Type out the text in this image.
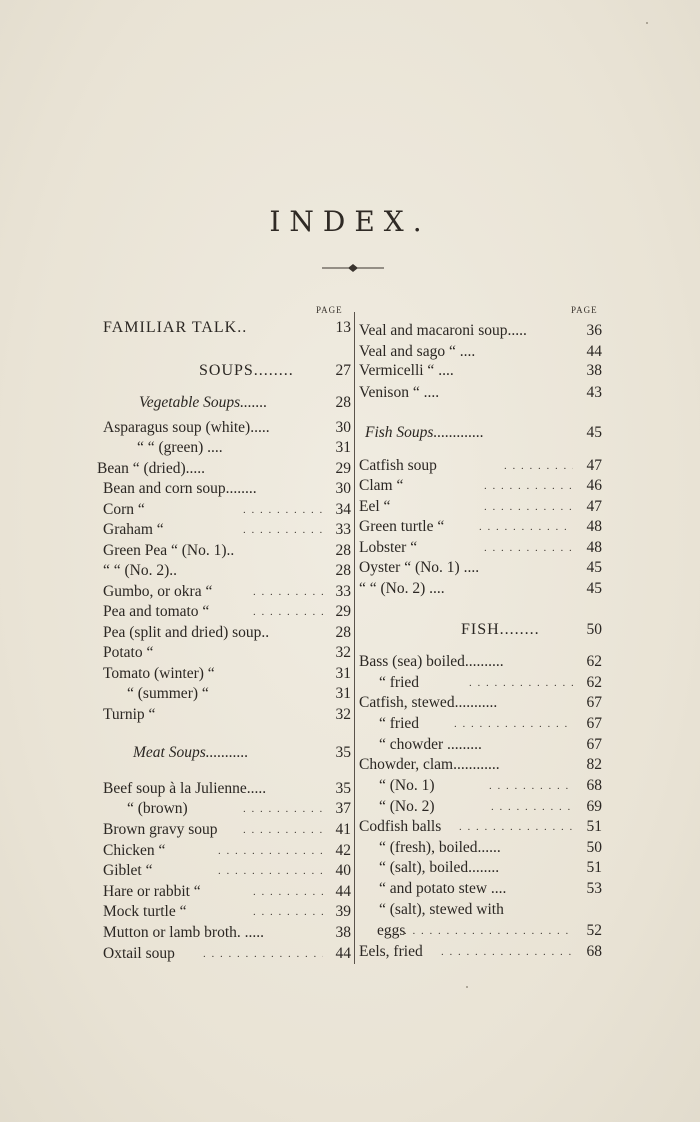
INDEX.
PAGE	PAGE
FAMILIAR TALK..	13
SOUPS........	27
Vegetable Soups.......	28
Asparagus soup (white).....	30
“ “ (green) ....	31
Bean “ (dried).....	29
Bean and corn soup........	30
Corn “ . . .	34
Graham “ . . .	33
Green Pea “ (No. 1)..	28
“ “ (No. 2)..	28
Gumbo, or okra “ . . .	33
Pea and tomato “ . . .	29
Pea (split and dried) soup..	28
Potato “	32
Tomato (winter) “	31
“ (summer) “	31
Turnip “	32
Meat Soups...........	35
Beef soup à la Julienne.....	35
“ (brown) . . .	37
Brown gravy soup . . .	41
Chicken “ . . .	42
Giblet “ . . .	40
Hare or rabbit “ . . .	44
Mock turtle “ . . .	39
Mutton or lamb broth. .....	38
Oxtail soup . . .	44
Veal and macaroni soup.....	36
Veal and sago “ ....	44
Vermicelli “ ....	38
Venison “ ....	43
Fish Soups.............	45
Catfish soup . . .	47
Clam “ . . .	46
Eel “ . . .	47
Green turtle “ . . .	48
Lobster “ . . .	48
Oyster “ (No. 1) ....	45
“ “ (No. 2) ....	45
FISH........	50
Bass (sea) boiled..........	62
“ fried . . .	62
Catfish, stewed...........	67
“ fried . . .	67
“ chowder .........	67
Chowder, clam............	82
“ (No. 1) . . .	68
“ (No. 2) . . .	69
Codfish balls . . .	51
“ (fresh), boiled......	50
“ (salt), boiled........	51
“ and potato stew ....	53
“ (salt), stewed with
eggs . . .	52
Eels, fried . . .	68
